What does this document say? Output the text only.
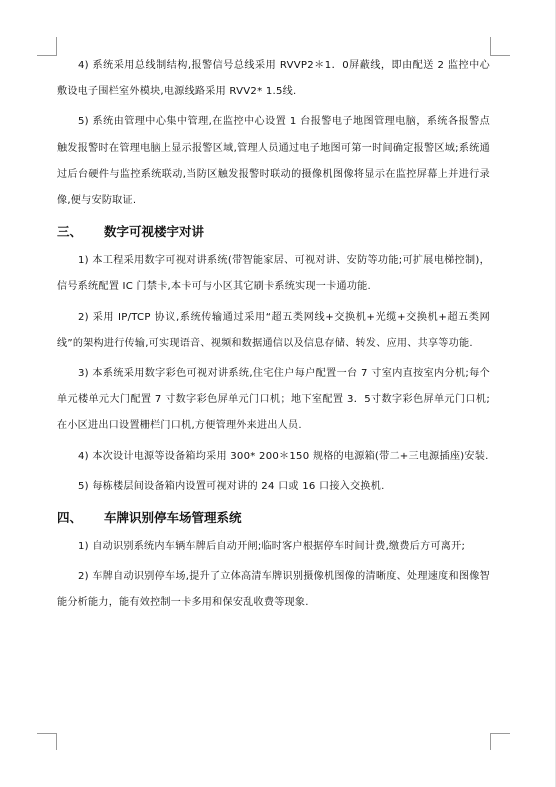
4) 系统采用总线制结构,报警信号总线采用 RVVP2＊1．0屏蔽线，即由配送 2 监控中心敷设电子围栏室外模块,电源线路采用 RVV2* 1.5线.

5) 系统由管理中心集中管理,在监控中心设置 1 台报警电子地图管理电脑，系统各报警点触发报警时在管理电脑上显示报警区域,管理人员通过电子地图可第一时间确定报警区域;系统通过后台硬件与监控系统联动,当防区触发报警时联动的摄像机图像将显示在监控屏幕上并进行录像,便与安防取证.

三、 数字可视楼宇对讲

1) 本工程采用数字可视对讲系统(带智能家居、可视对讲、安防等功能;可扩展电梯控制)，信号系统配置 IC 门禁卡,本卡可与小区其它刷卡系统实现一卡通功能.

2) 采用 IP/TCP 协议,系统传输通过采用“超五类网线+交换机+光缆+交换机+超五类网线”的架构进行传输,可实现语音、视频和数据通信以及信息存储、转发、应用、共享等功能.

3) 本系统采用数字彩色可视对讲系统,住宅住户每户配置一台 7 寸室内直按室内分机;每个单元楼单元大门配置 7 寸数字彩色屏单元门口机；地下室配置 3．5寸数字彩色屏单元门口机;在小区进出口设置栅栏门口机,方便管理外来进出人员.

4) 本次设计电源等设备箱均采用 300* 200＊150 规格的电源箱(带二+三电源插座)安装.

5) 每栋楼层间设备箱内设置可视对讲的 24 口或 16 口接入交换机.

四、 车牌识别停车场管理系统

1) 自动识别系统内车辆车牌后自动开闸;临时客户根据停车时间计费,缴费后方可离开;

2) 车牌自动识别停车场,提升了立体高清车牌识别摄像机图像的清晰度、处理速度和图像智能分析能力，能有效控制一卡多用和保安乱收费等现象.
